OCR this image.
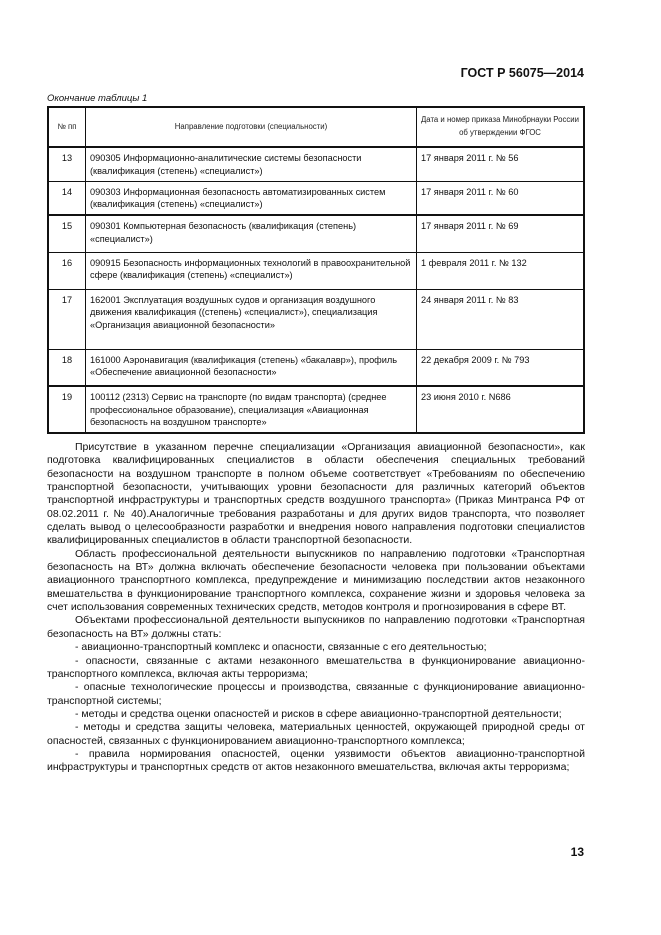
ГОСТ Р 56075—2014
Окончание таблицы 1
№ пп	Направление подготовки (специальности)	Дата и номер приказа Минобрнауки России об утверждении ФГОС
13	090305 Информационно-аналитические системы безопасности (квалификация (степень) «специалист»)	17 января 2011 г. № 56
14	090303 Информационная безопасность автоматизированных систем (квалификация (степень) «специалист»)	17 января 2011 г. № 60
15	090301 Компьютерная безопасность (квалификация (степень) «специалист»)	17 января 2011 г. № 69
16	090915 Безопасность информационных технологий в правоохранительной сфере (квалификация (степень) «специалист»)	1 февраля 2011 г. № 132
17	162001 Эксплуатация воздушных судов и организация воздушного движения квалификация ((степень) «специалист»), специализация «Организация авиационной безопасности»	24 января 2011 г. № 83
18	161000 Аэронавигация (квалификация (степень) «бакалавр»), профиль «Обеспечение авиационной безопасности»	22 декабря 2009 г. № 793
19	100112 (2313) Сервис на транспорте (по видам транспорта) (среднее профессиональное образование), специализация «Авиационная безопасность на воздушном транспорте»	23 июня 2010 г. N686

Присутствие в указанном перечне специализации «Организация авиационной безопасности», как подготовка квалифицированных специалистов в области обеспечения специальных требований безопасности на воздушном транспорте в полном объеме соответствует «Требованиям по обеспечению транспортной безопасности, учитывающих уровни безопасности для различных категорий объектов транспортной инфраструктуры и транспортных средств воздушного транспорта» (Приказ Минтранса РФ от 08.02.2011 г. № 40).Аналогичные требования разработаны и для других видов транспорта, что позволяет сделать вывод о целесообразности разработки и внедрения нового направления подготовки специалистов квалифицированных специалистов в области транспортной безопасности.

Область профессиональной деятельности выпускников по направлению подготовки «Транспортная безопасность на ВТ» должна включать обеспечение безопасности человека при пользовании объектами авиационного транспортного комплекса, предупреждение и минимизацию последствии актов незаконного вмешательства в функционирование транспортного комплекса, сохранение жизни и здоровья человека за счет использования современных технических средств, методов контроля и прогнозирования в сфере ВТ.

Объектами профессиональной деятельности выпускников по направлению подготовки «Транспортная безопасность на ВТ» должны стать:

- авиационно-транспортный комплекс и опасности, связанные с его деятельностью;

- опасности, связанные с актами незаконного вмешательства в функционирование авиационно-транспортного комплекса, включая акты терроризма;

- опасные технологические процессы и производства, связанные с функционирование авиационно-транспортной системы;

- методы и средства оценки опасностей и рисков в сфере авиационно-транспортной деятельности;

- методы и средства защиты человека, материальных ценностей, окружающей природной среды от опасностей, связанных с функционированием авиационно-транспортного комплекса;

- правила нормирования опасностей, оценки уязвимости объектов авиационно-транспортной инфраструктуры и транспортных средств от актов незаконного вмешательства, включая акты терроризма;

13
